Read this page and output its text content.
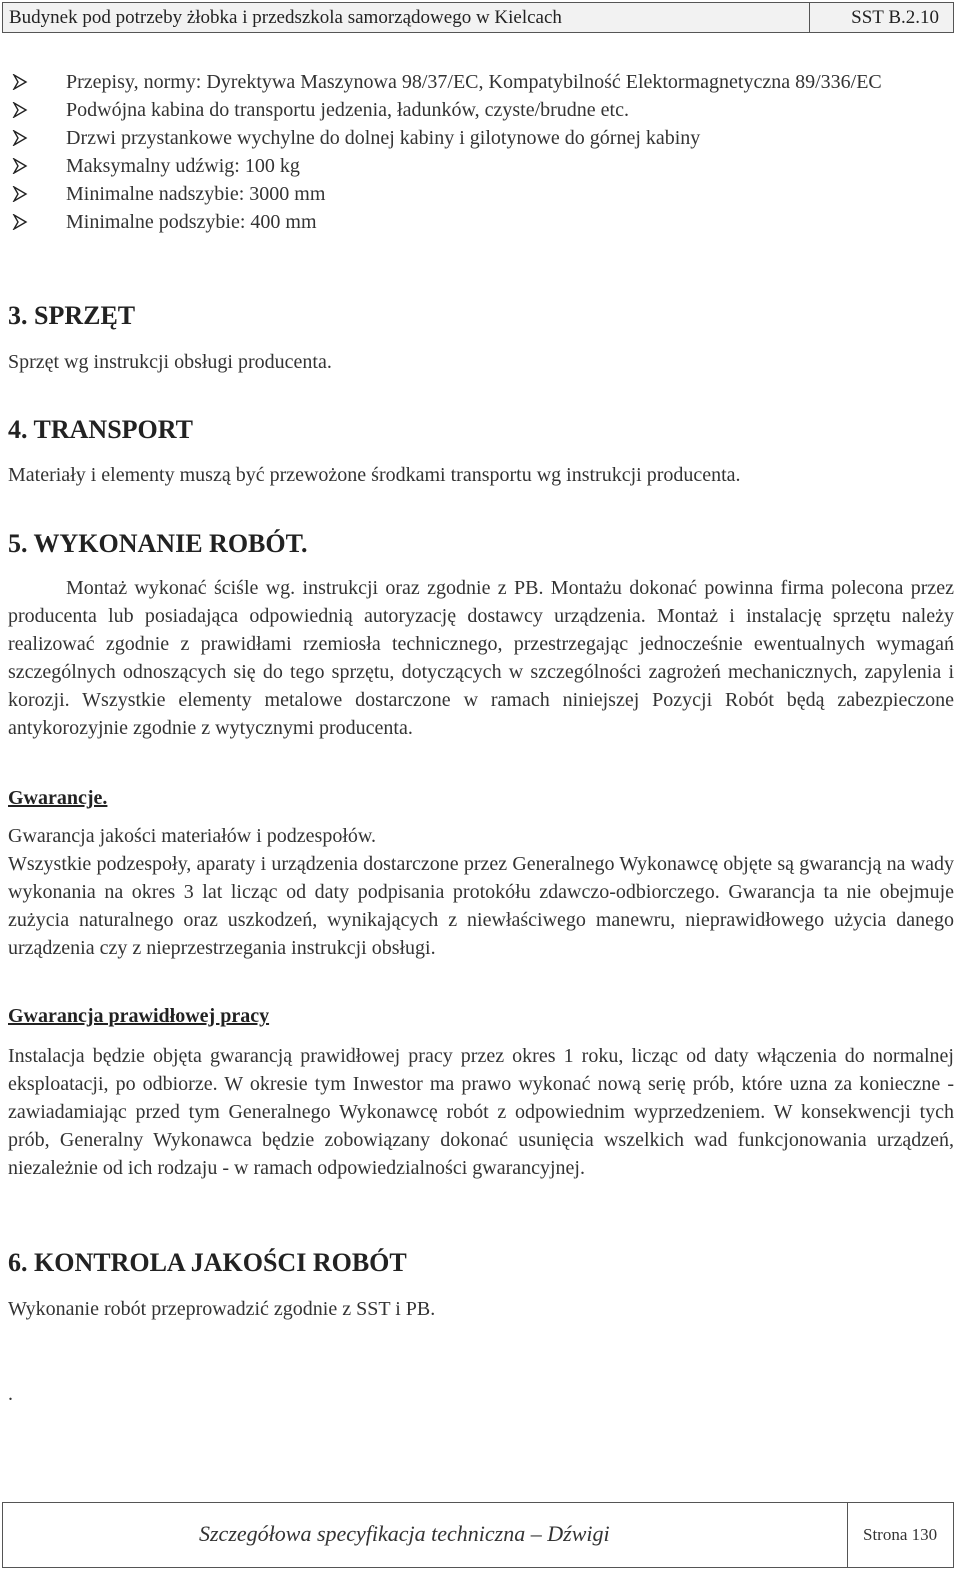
Budynek pod potrzeby żłobka i przedszkola samorządowego w Kielcach	SST B.2.10
Przepisy, normy: Dyrektywa Maszynowa 98/37/EC, Kompatybilność Elektormagnetyczna 89/336/EC
Podwójna kabina do transportu jedzenia, ładunków, czyste/brudne etc.
Drzwi przystankowe wychylne do dolnej kabiny i gilotynowe do górnej kabiny
Maksymalny udźwig: 100 kg
Minimalne nadszybie: 3000 mm
Minimalne podszybie: 400 mm
3. SPRZĘT
Sprzęt wg instrukcji obsługi producenta.
4. TRANSPORT
Materiały i elementy muszą być przewożone środkami transportu wg instrukcji producenta.
5. WYKONANIE ROBÓT.
Montaż wykonać ściśle wg. instrukcji oraz zgodnie z PB. Montażu dokonać powinna firma polecona przez producenta lub posiadająca odpowiednią autoryzację dostawcy urządzenia. Montaż i instalację sprzętu należy realizować zgodnie z prawidłami rzemiosła technicznego, przestrzegając jednocześnie ewentualnych wymagań szczególnych odnoszących się do tego sprzętu, dotyczących w szczególności zagrożeń mechanicznych, zapylenia i korozji. Wszystkie elementy metalowe dostarczone w ramach niniejszej Pozycji Robót będą zabezpieczone antykorozyjnie zgodnie z wytycznymi producenta.
Gwarancje.
Gwarancja jakości materiałów i podzespołów.
Wszystkie podzespoły, aparaty i urządzenia dostarczone przez Generalnego Wykonawcę objęte są gwarancją na wady wykonania na okres 3 lat licząc od daty podpisania protokółu zdawczo-odbiorczego. Gwarancja ta nie obejmuje zużycia naturalnego oraz uszkodzeń, wynikających z niewłaściwego manewru, nieprawidłowego użycia danego urządzenia czy z nieprzestrzegania instrukcji obsługi.
Gwarancja prawidłowej pracy
Instalacja będzie objęta gwarancją prawidłowej pracy przez okres 1 roku, licząc od daty włączenia do normalnej eksploatacji, po odbiorze. W okresie tym Inwestor ma prawo wykonać nową serię prób, które uzna za konieczne - zawiadamiając przed tym Generalnego Wykonawcę robót z odpowiednim wyprzedzeniem. W konsekwencji tych prób, Generalny Wykonawca będzie zobowiązany dokonać usunięcia wszelkich wad funkcjonowania urządzeń, niezależnie od ich rodzaju - w ramach odpowiedzialności gwarancyjnej.
6. KONTROLA JAKOŚCI ROBÓT
Wykonanie robót przeprowadzić zgodnie z SST i PB.
.
Szczegółowa specyfikacja techniczna – Dźwigi	Strona 130
